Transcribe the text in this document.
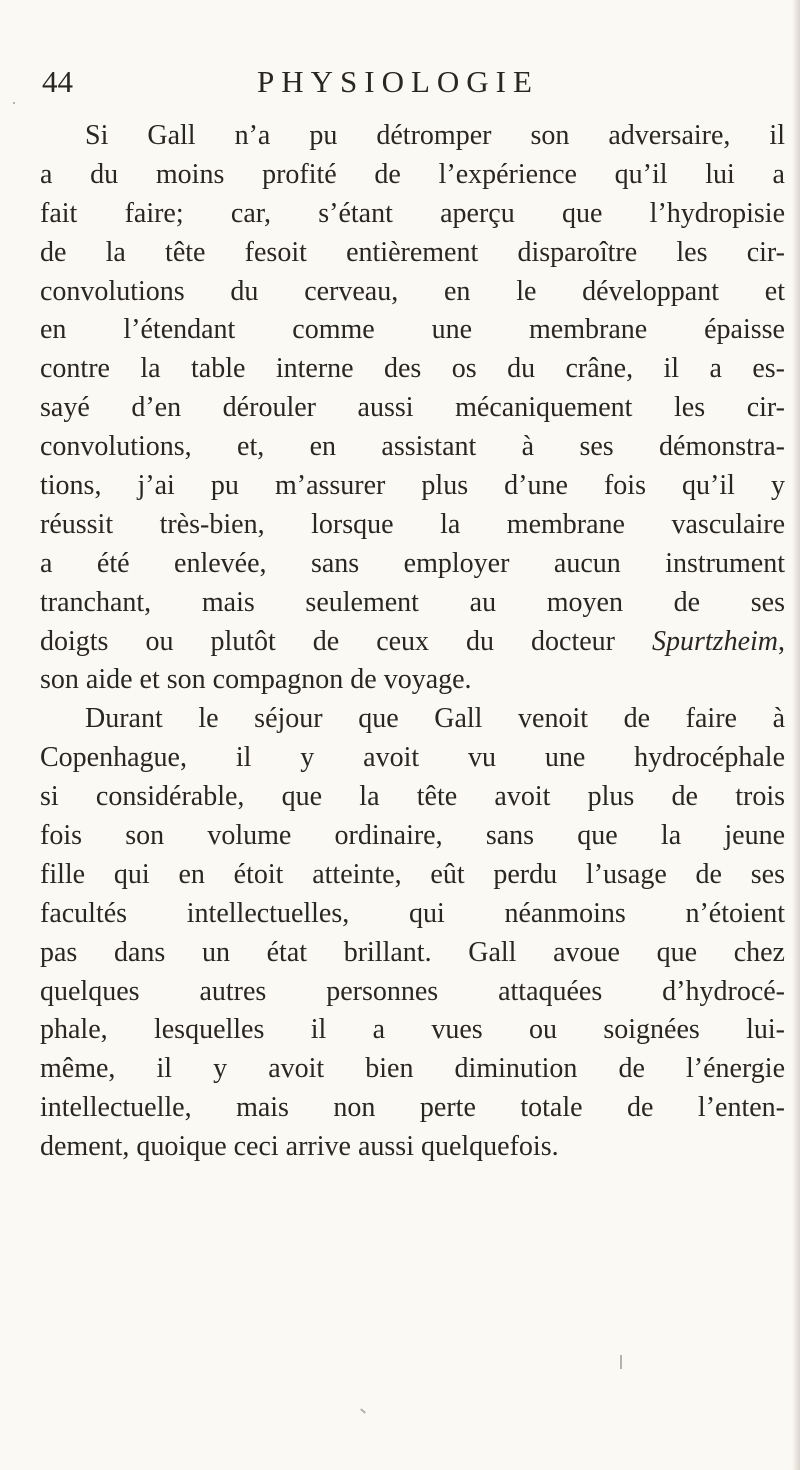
44	PHYSIOLOGIE
Si Gall n’a pu détromper son adversaire, il
a du moins profité de l’expérience qu’il lui a
fait faire; car, s’étant aperçu que l’hydropisie
de la tête fesoit entièrement disparoître les cir-
convolutions du cerveau, en le développant et
en l’étendant comme une membrane épaisse
contre la table interne des os du crâne, il a es-
sayé d’en dérouler aussi mécaniquement les cir-
convolutions, et, en assistant à ses démonstra-
tions, j’ai pu m’assurer plus d’une fois qu’il y
réussit très-bien, lorsque la membrane vasculaire
a été enlevée, sans employer aucun instrument
tranchant, mais seulement au moyen de ses
doigts ou plutôt de ceux du docteur Spurtzheim,
son aide et son compagnon de voyage.
Durant le séjour que Gall venoit de faire à
Copenhague, il y avoit vu une hydrocéphale
si considérable, que la tête avoit plus de trois
fois son volume ordinaire, sans que la jeune
fille qui en étoit atteinte, eût perdu l’usage de ses
facultés intellectuelles, qui néanmoins n’étoient
pas dans un état brillant. Gall avoue que chez
quelques autres personnes attaquées d’hydrocé-
phale, lesquelles il a vues ou soignées lui-
même, il y avoit bien diminution de l’énergie
intellectuelle, mais non perte totale de l’enten-
dement, quoique ceci arrive aussi quelquefois.
